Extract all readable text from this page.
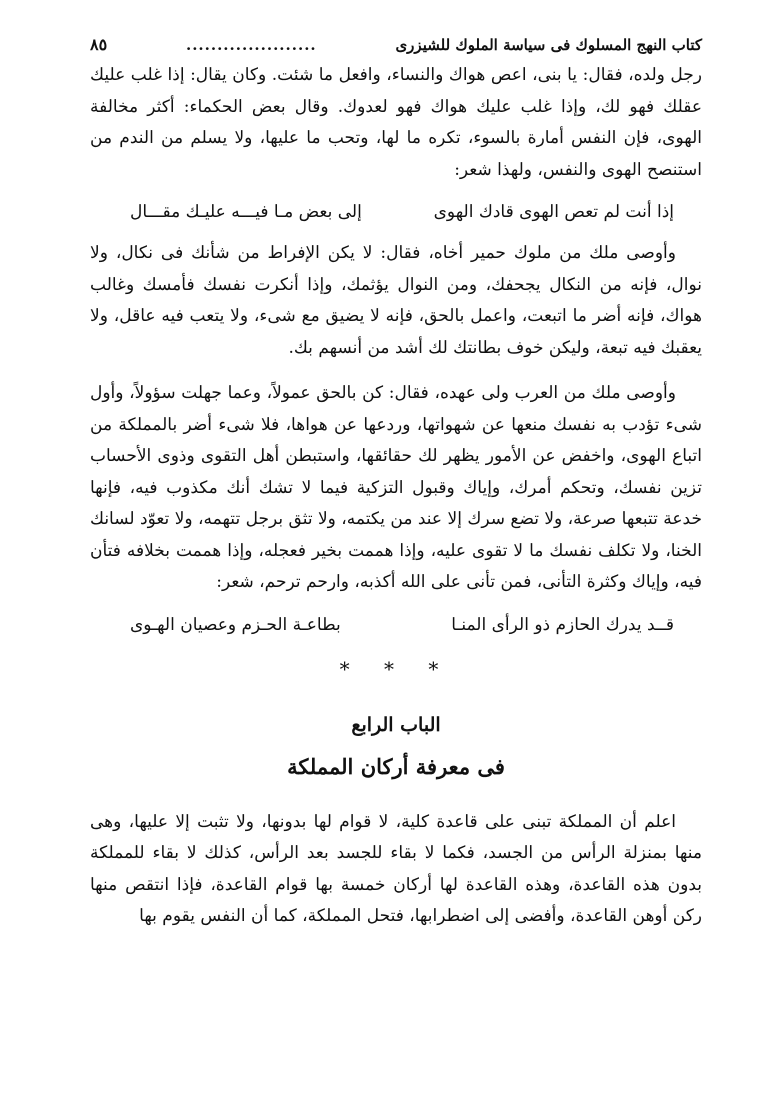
كتاب النهج المسلوك فى سياسة الملوك للشيزرى
.....................
٨٥

رجل ولده، فقال: يا بنى، اعص هواك والنساء، وافعل ما شئت. وكان يقال: إذا غلب عليك عقلك فهو لك، وإذا غلب عليك هواك فهو لعدوك. وقال بعض الحكماء: أكثر مخالفة الهوى، فإن النفس أمارة بالسوء، تكره ما لها، وتحب ما عليها، ولا يسلم من الندم من استنصح الهوى والنفس، ولهذا شعر:

إذا أنت لم تعص الهوى قادك الهوى
إلى بعض مـا فيـــه عليـك مقـــال

وأوصى ملك من ملوك حمير أخاه، فقال: لا يكن الإفراط من شأنك فى نكال، ولا نوال، فإنه من النكال يجحفك، ومن النوال يؤثمك، وإذا أنكرت نفسك فأمسك وغالب هواك، فإنه أضر ما اتبعت، واعمل بالحق، فإنه لا يضيق مع شىء، ولا يتعب فيه عاقل، ولا يعقبك فيه تبعة، وليكن خوف بطانتك لك أشد من أنسهم بك.

وأوصى ملك من العرب ولى عهده، فقال: كن بالحق عمولاً، وعما جهلت سؤولاً، وأول شىء تؤدب به نفسك منعها عن شهواتها، وردعها عن هواها، فلا شىء أضر بالمملكة من اتباع الهوى، واخفض عن الأمور يظهر لك حقائقها، واستبطن أهل التقوى وذوى الأحساب تزين نفسك، وتحكم أمرك، وإياك وقبول التزكية فيما لا تشك أنك مكذوب فيه، فإنها خدعة تتبعها صرعة، ولا تضع سرك إلا عند من يكتمه، ولا تثق برجل تتهمه، ولا تعوّد لسانك الخنا، ولا تكلف نفسك ما لا تقوى عليه، وإذا هممت بخير فعجله، وإذا هممت بخلافه فتأن فيه، وإياك وكثرة التأنى، فمن تأنى على الله أكذبه، وارحم ترحم، شعر:

قــد يدرك الحازم ذو الرأى المنـا
بطاعـة الحـزم وعصيان الهـوى
* * *
الباب الرابع
فى معرفة أركان المملكة

اعلم أن المملكة تبنى على قاعدة كلية، لا قوام لها بدونها، ولا تثبت إلا عليها، وهى منها بمنزلة الرأس من الجسد، فكما لا بقاء للجسد بعد الرأس، كذلك لا بقاء للمملكة بدون هذه القاعدة، وهذه القاعدة لها أركان خمسة بها قوام القاعدة، فإذا انتقص منها ركن أوهن القاعدة، وأفضى إلى اضطرابها، فتحل المملكة، كما أن النفس يقوم بها
